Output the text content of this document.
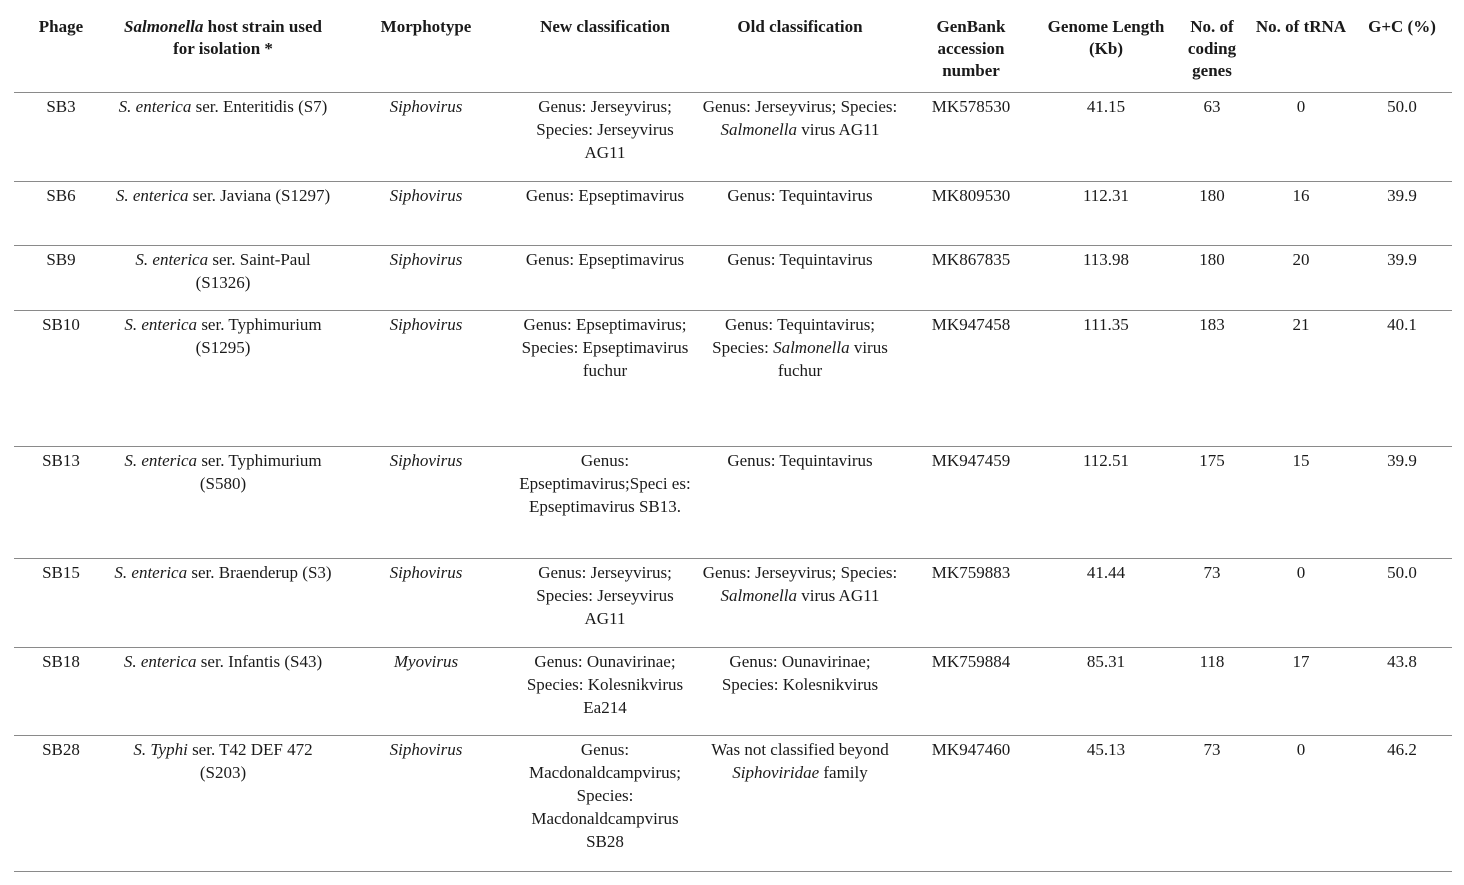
Phage	Salmonella host strain used for isolation *	Morphotype	New classification	Old classification	GenBank accession number	Genome Length (Kb)	No. of coding genes	No. of tRNA	G+C (%)
SB3	S. enterica ser. Enteritidis (S7)	Siphovirus	Genus: Jerseyvirus; Species: Jerseyvirus AG11	Genus: Jerseyvirus; Species: Salmonella virus AG11	MK578530	41.15	63	0	50.0
SB6	S. enterica ser. Javiana (S1297)	Siphovirus	Genus: Epseptimavirus	Genus: Tequintavirus	MK809530	112.31	180	16	39.9
SB9	S. enterica ser. Saint-Paul (S1326)	Siphovirus	Genus: Epseptimavirus	Genus: Tequintavirus	MK867835	113.98	180	20	39.9
SB10	S. enterica ser. Typhimurium (S1295)	Siphovirus	Genus: Epseptimavirus; Species: Epseptimavirus fuchur	Genus: Tequintavirus; Species: Salmonella virus fuchur	MK947458	111.35	183	21	40.1
SB13	S. enterica ser. Typhimurium (S580)	Siphovirus	Genus: Epseptimavirus;Speci es: Epseptimavirus SB13.	Genus: Tequintavirus	MK947459	112.51	175	15	39.9
SB15	S. enterica ser. Braenderup (S3)	Siphovirus	Genus: Jerseyvirus; Species: Jerseyvirus AG11	Genus: Jerseyvirus; Species: Salmonella virus AG11	MK759883	41.44	73	0	50.0
SB18	S. enterica ser. Infantis (S43)	Myovirus	Genus: Ounavirinae; Species: Kolesnikvirus Ea214	Genus: Ounavirinae; Species: Kolesnikvirus	MK759884	85.31	118	17	43.8
SB28	S. Typhi ser. T42 DEF 472 (S203)	Siphovirus	Genus: Macdonaldcampvirus; Species: Macdonaldcampvirus SB28	Was not classified beyond Siphoviridae family	MK947460	45.13	73	0	46.2
